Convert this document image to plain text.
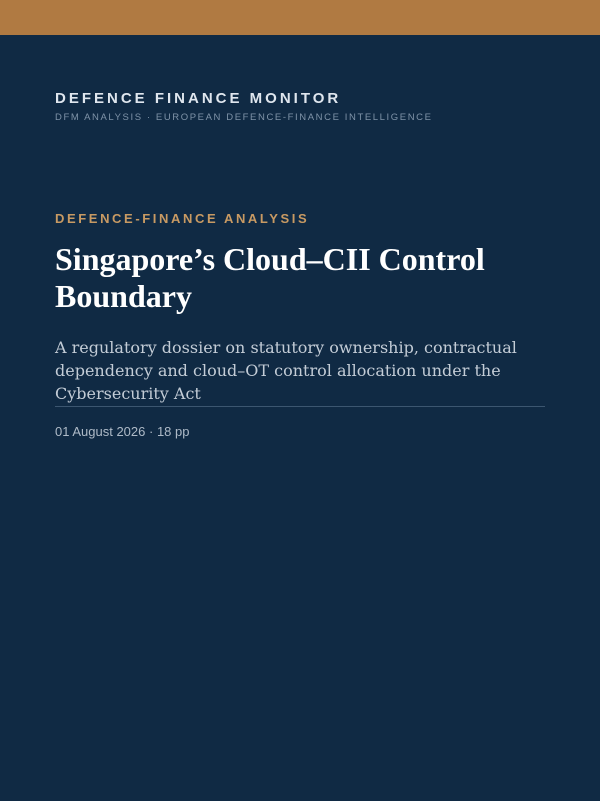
DEFENCE FINANCE MONITOR
DFM ANALYSIS · EUROPEAN DEFENCE-FINANCE INTELLIGENCE
DEFENCE-FINANCE ANALYSIS
Singapore’s Cloud–CII Control Boundary
A regulatory dossier on statutory ownership, contractual dependency and cloud–OT control allocation under the Cybersecurity Act
01 August 2026 · 18 pp
